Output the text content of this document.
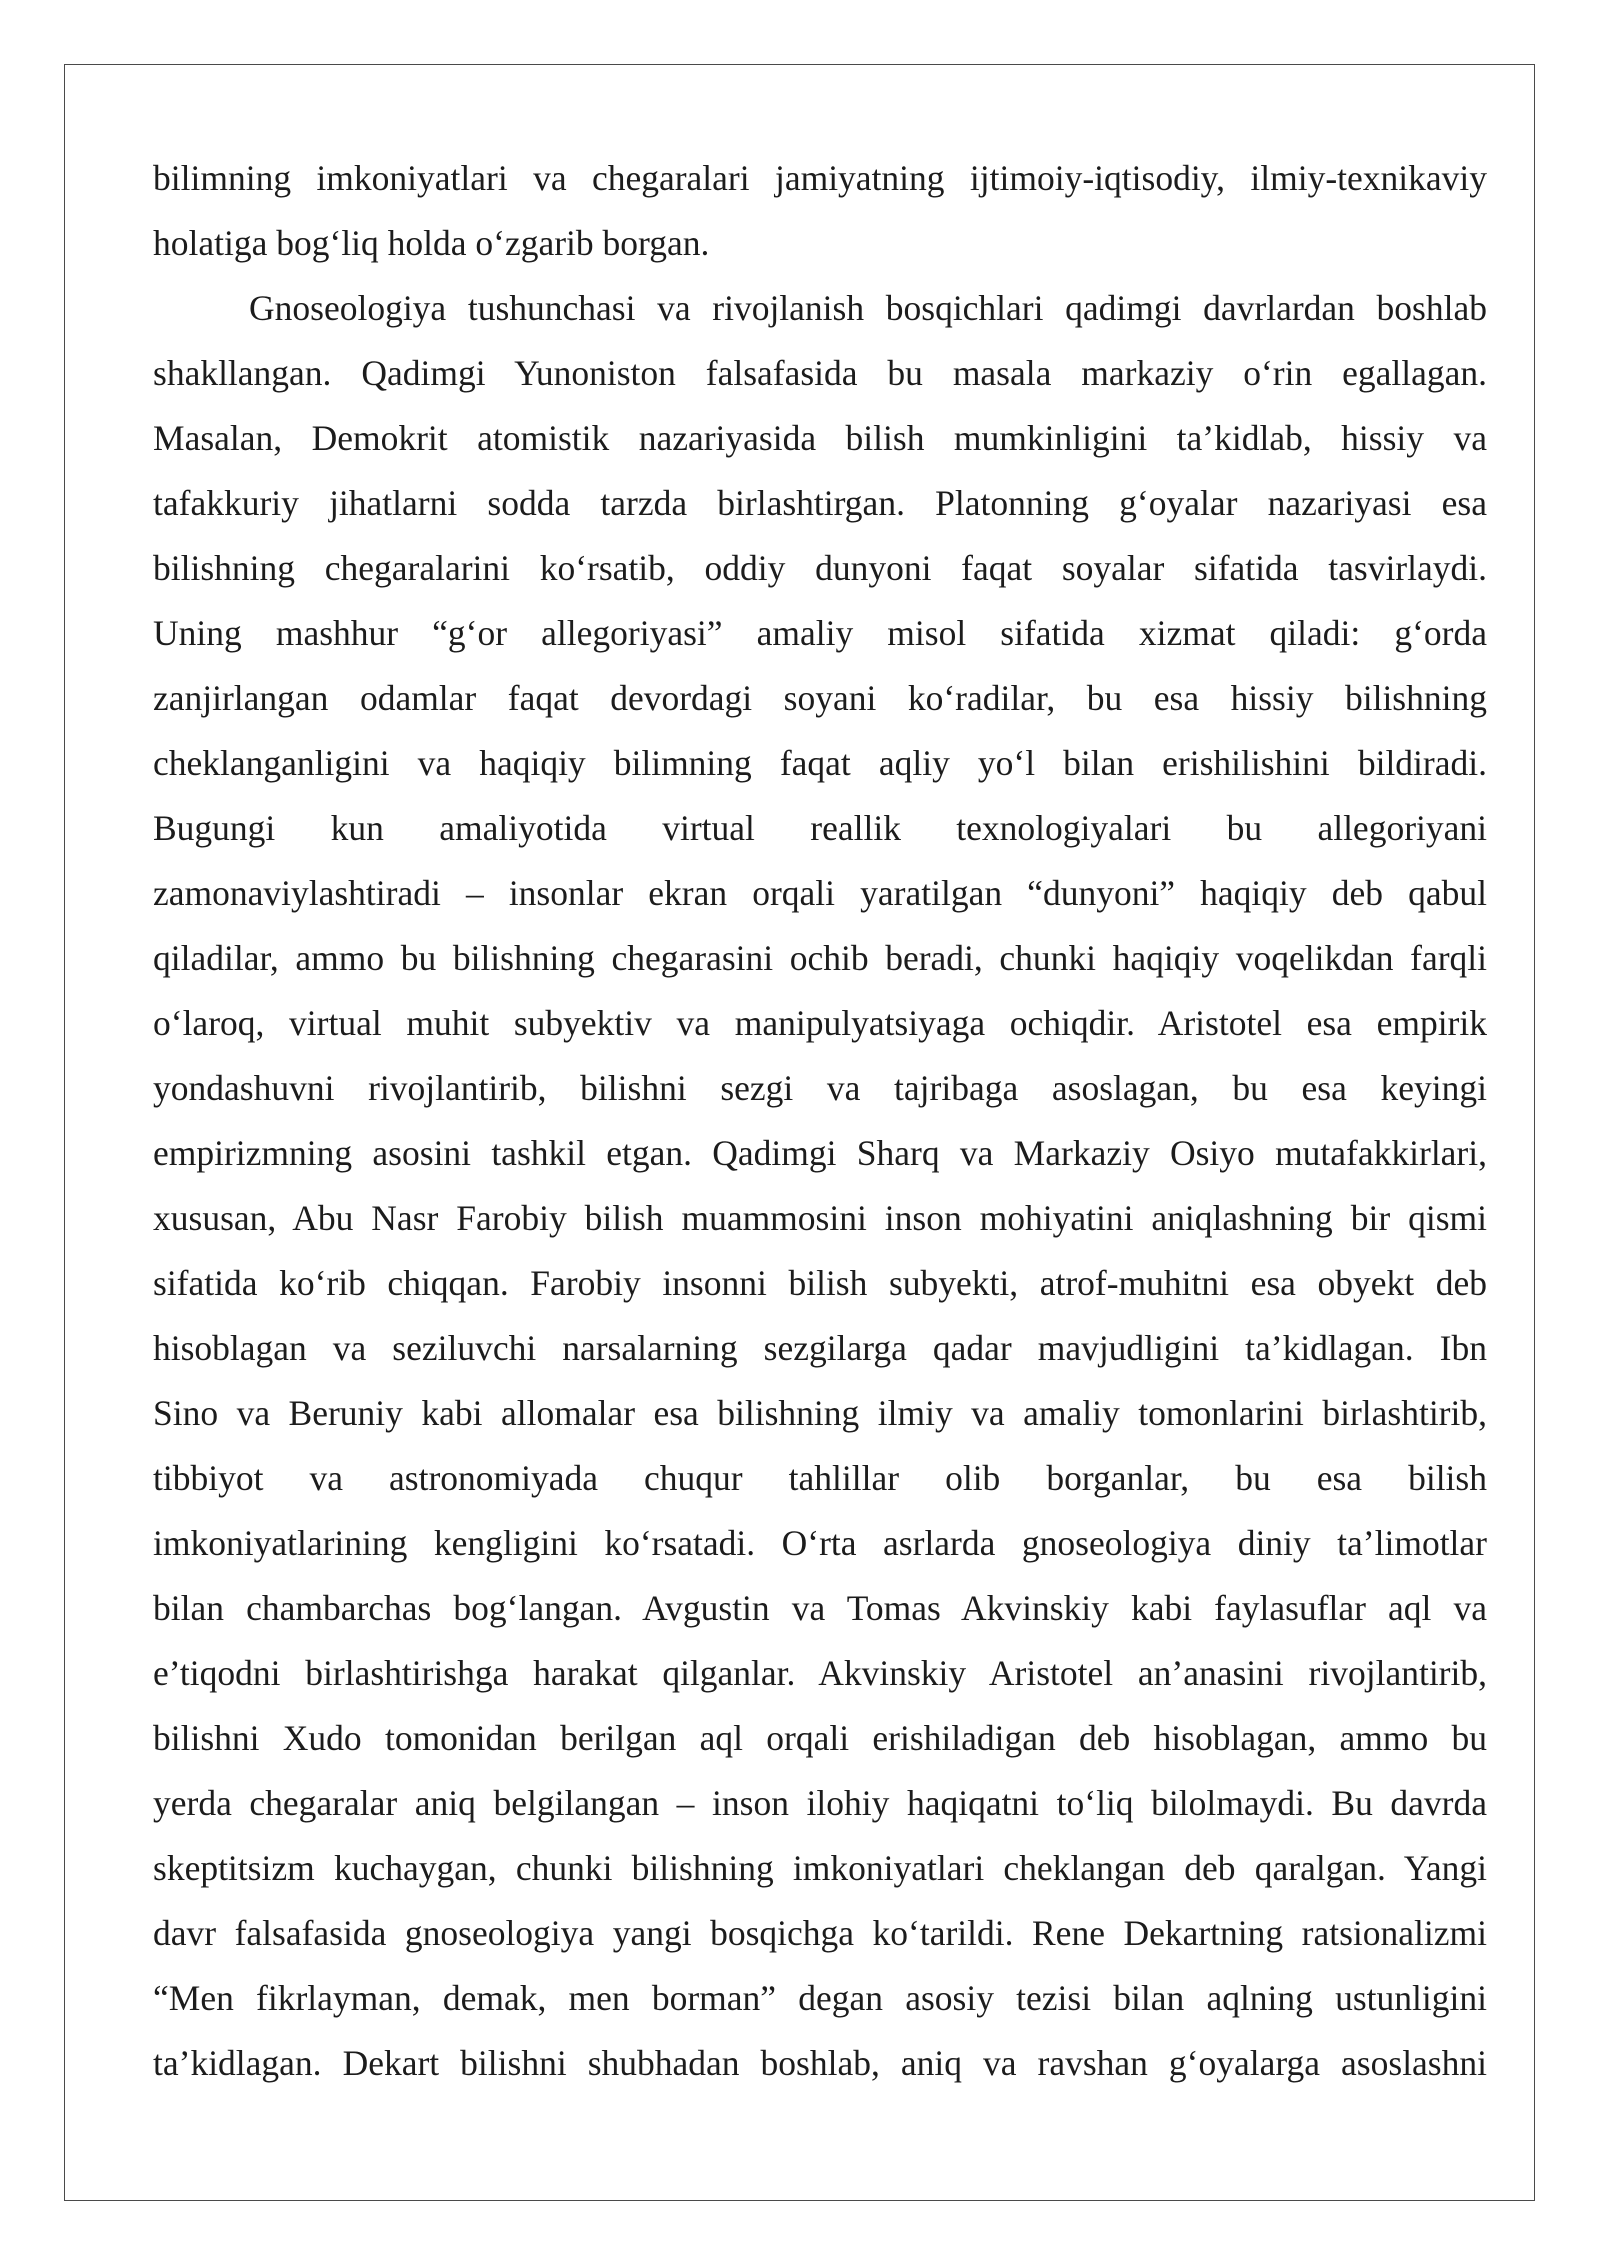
bilimning imkoniyatlari va chegaralari jamiyatning ijtimoiy-iqtisodiy, ilmiy-texnikaviy
holatiga bog‘liq holda o‘zgarib borgan.
Gnoseologiya tushunchasi va rivojlanish bosqichlari qadimgi davrlardan boshlab
shakllangan. Qadimgi Yunoniston falsafasida bu masala markaziy o‘rin egallagan.
Masalan, Demokrit atomistik nazariyasida bilish mumkinligini ta’kidlab, hissiy va
tafakkuriy jihatlarni sodda tarzda birlashtirgan. Platonning g‘oyalar nazariyasi esa
bilishning chegaralarini ko‘rsatib, oddiy dunyoni faqat soyalar sifatida tasvirlaydi.
Uning mashhur “g‘or allegoriyasi” amaliy misol sifatida xizmat qiladi: g‘orda
zanjirlangan odamlar faqat devordagi soyani ko‘radilar, bu esa hissiy bilishning
cheklanganligini va haqiqiy bilimning faqat aqliy yo‘l bilan erishilishini bildiradi.
Bugungi kun amaliyotida virtual reallik texnologiyalari bu allegoriyani
zamonaviylashtiradi – insonlar ekran orqali yaratilgan “dunyoni” haqiqiy deb qabul
qiladilar, ammo bu bilishning chegarasini ochib beradi, chunki haqiqiy voqelikdan farqli
o‘laroq, virtual muhit subyektiv va manipulyatsiyaga ochiqdir. Aristotel esa empirik
yondashuvni rivojlantirib, bilishni sezgi va tajribaga asoslagan, bu esa keyingi
empirizmning asosini tashkil etgan. Qadimgi Sharq va Markaziy Osiyo mutafakkirlari,
xususan, Abu Nasr Farobiy bilish muammosini inson mohiyatini aniqlashning bir qismi
sifatida ko‘rib chiqqan. Farobiy insonni bilish subyekti, atrof-muhitni esa obyekt deb
hisoblagan va seziluvchi narsalarning sezgilarga qadar mavjudligini ta’kidlagan. Ibn
Sino va Beruniy kabi allomalar esa bilishning ilmiy va amaliy tomonlarini birlashtirib,
tibbiyot va astronomiyada chuqur tahlillar olib borganlar, bu esa bilish
imkoniyatlarining kengligini ko‘rsatadi. O‘rta asrlarda gnoseologiya diniy ta’limotlar
bilan chambarchas bog‘langan. Avgustin va Tomas Akvinskiy kabi faylasuflar aql va
e’tiqodni birlashtirishga harakat qilganlar. Akvinskiy Aristotel an’anasini rivojlantirib,
bilishni Xudo tomonidan berilgan aql orqali erishiladigan deb hisoblagan, ammo bu
yerda chegaralar aniq belgilangan – inson ilohiy haqiqatni to‘liq bilolmaydi. Bu davrda
skeptitsizm kuchaygan, chunki bilishning imkoniyatlari cheklangan deb qaralgan. Yangi
davr falsafasida gnoseologiya yangi bosqichga ko‘tarildi. Rene Dekartning ratsionalizmi
“Men fikrlayman, demak, men borman” degan asosiy tezisi bilan aqlning ustunligini
ta’kidlagan. Dekart bilishni shubhadan boshlab, aniq va ravshan g‘oyalarga asoslashni
